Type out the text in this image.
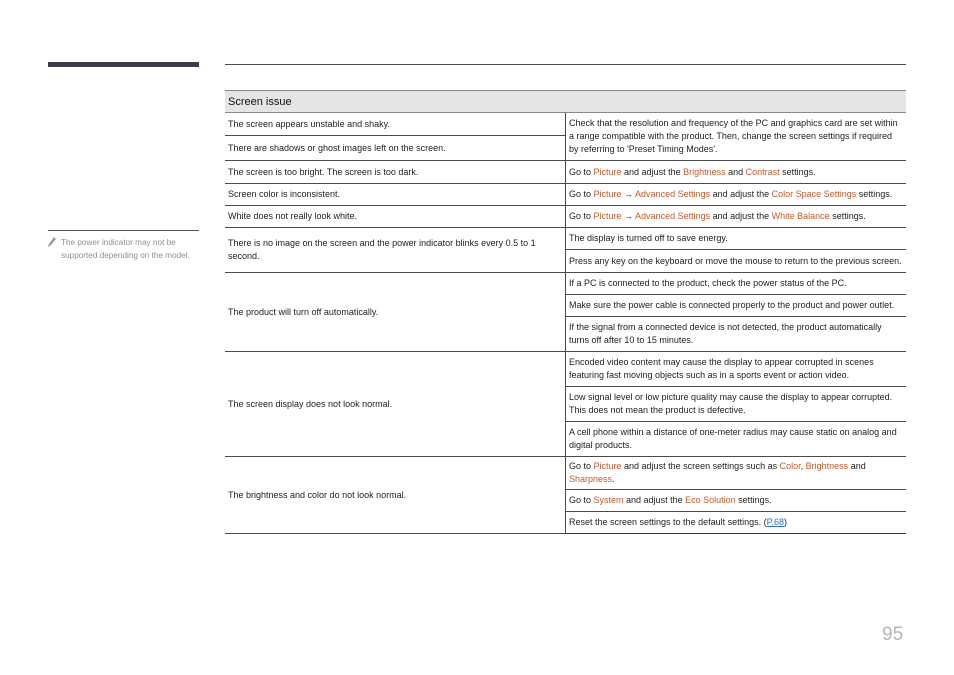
The power indicator may not be supported depending on the model.
Screen issue	
The screen appears unstable and shaky.	Check that the resolution and frequency of the PC and graphics card are set within a range compatible with the product. Then, change the screen settings if required by referring to 'Preset Timing Modes'.
There are shadows or ghost images left on the screen.	
The screen is too bright. The screen is too dark.	Go to Picture and adjust the Brightness and Contrast settings.
Screen color is inconsistent.	Go to Picture → Advanced Settings and adjust the Color Space Settings settings.
White does not really look white.	Go to Picture → Advanced Settings and adjust the White Balance settings.
There is no image on the screen and the power indicator blinks every 0.5 to 1 second.	The display is turned off to save energy.
	Press any key on the keyboard or move the mouse to return to the previous screen.
The product will turn off automatically.	If a PC is connected to the product, check the power status of the PC.
	Make sure the power cable is connected properly to the product and power outlet.
	If the signal from a connected device is not detected, the product automatically turns off after 10 to 15 minutes.
The screen display does not look normal.	Encoded video content may cause the display to appear corrupted in scenes featuring fast moving objects such as in a sports event or action video.
	Low signal level or low picture quality may cause the display to appear corrupted. This does not mean the product is defective.
	A cell phone within a distance of one-meter radius may cause static on analog and digital products.
The brightness and color do not look normal.	Go to Picture and adjust the screen settings such as Color, Brightness and Sharpness.
	Go to System and adjust the Eco Solution settings.
	Reset the screen settings to the default settings. (P.68)
95
